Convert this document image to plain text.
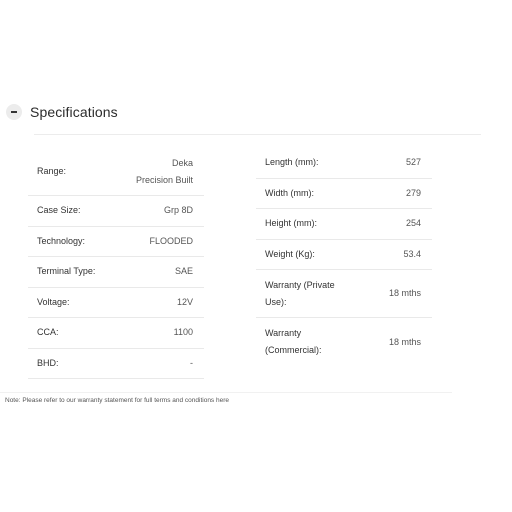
Specifications
Range:
Deka
Precision Built
Case Size:	Grp 8D
Technology:	FLOODED
Terminal Type:	SAE
Voltage:	12V
CCA:	1100
BHD:	-
Length (mm):	527
Width (mm):	279
Height (mm):	254
Weight (Kg):	53.4
Warranty (Private Use):
18 mths
Warranty (Commercial):
18 mths
Note: Please refer to our warranty statement for full terms and conditions here
